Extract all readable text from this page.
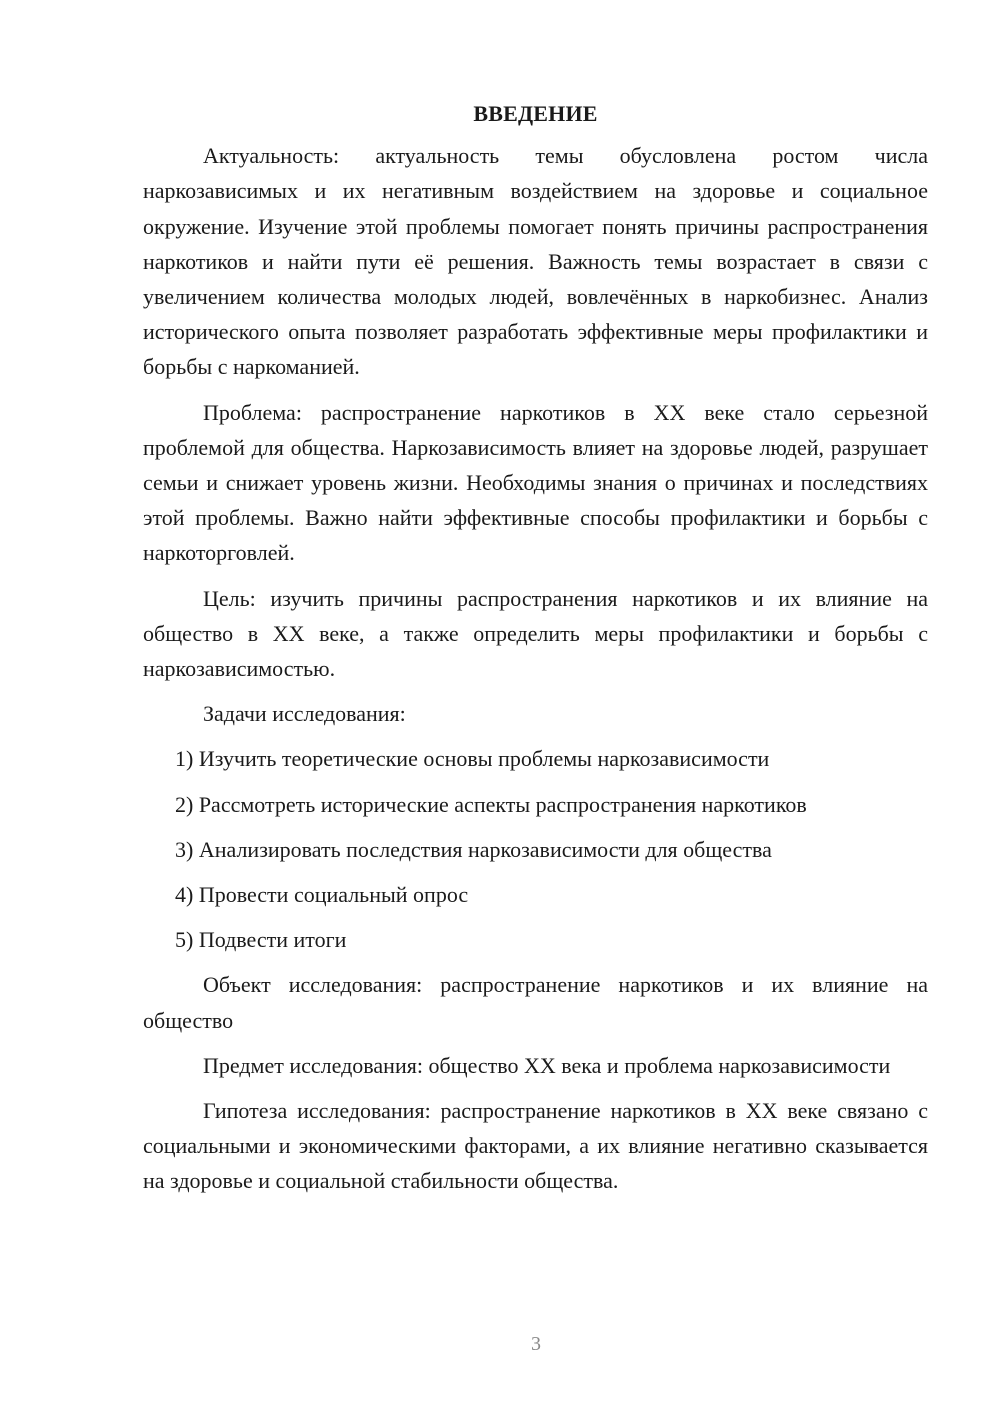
ВВЕДЕНИЕ

Актуальность: актуальность темы обусловлена ростом числа наркозависимых и их негативным воздействием на здоровье и социальное окружение. Изучение этой проблемы помогает понять причины распространения наркотиков и найти пути её решения. Важность темы возрастает в связи с увеличением количества молодых людей, вовлечённых в наркобизнес. Анализ исторического опыта позволяет разработать эффективные меры профилактики и борьбы с наркоманией.

Проблема: распространение наркотиков в XX веке стало серьезной проблемой для общества. Наркозависимость влияет на здоровье людей, разрушает семьи и снижает уровень жизни. Необходимы знания о причинах и последствиях этой проблемы. Важно найти эффективные способы профилактики и борьбы с наркоторговлей.

Цель: изучить причины распространения наркотиков и их влияние на общество в XX веке, а также определить меры профилактики и борьбы с наркозависимостью.

Задачи исследования:

1) Изучить теоретические основы проблемы наркозависимости
2) Рассмотреть исторические аспекты распространения наркотиков
3) Анализировать последствия наркозависимости для общества
4) Провести социальный опрос
5) Подвести итоги

Объект исследования: распространение наркотиков и их влияние на общество

Предмет исследования: общество XX века и проблема наркозависимости

Гипотеза исследования: распространение наркотиков в XX веке связано с социальными и экономическими факторами, а их влияние негативно сказывается на здоровье и социальной стабильности общества.

3
